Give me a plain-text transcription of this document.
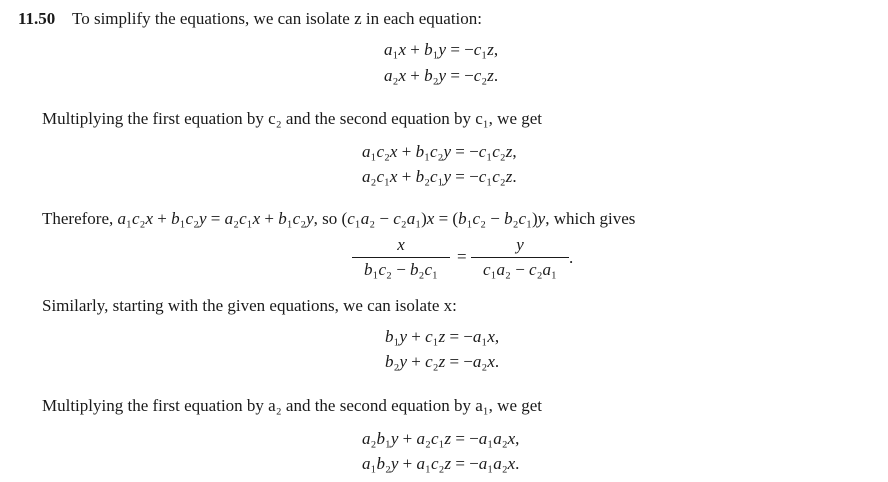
11.50 To simplify the equations, we can isolate z in each equation:
a₁x + b₁y = −c₁z,
a₂x + b₂y = −c₂z.
Multiplying the first equation by c₂ and the second equation by c₁, we get
a₁c₂x + b₁c₂y = −c₁c₂z,
a₂c₁x + b₂c₁y = −c₁c₂z.
Therefore, a₁c₂x + b₁c₂y = a₂c₁x + b₁c₂y, so (c₁a₂ − c₂a₁)x = (b₁c₂ − b₂c₁)y, which gives
x
b₁c₂ − b₂c₁
=
y
c₁a₂ − c₂a₁
.
Similarly, starting with the given equations, we can isolate x:
b₁y + c₁z = −a₁x,
b₂y + c₂z = −a₂x.
Multiplying the first equation by a₂ and the second equation by a₁, we get
a₂b₁y + a₂c₁z = −a₁a₂x,
a₁b₂y + a₁c₂z = −a₁a₂x.
